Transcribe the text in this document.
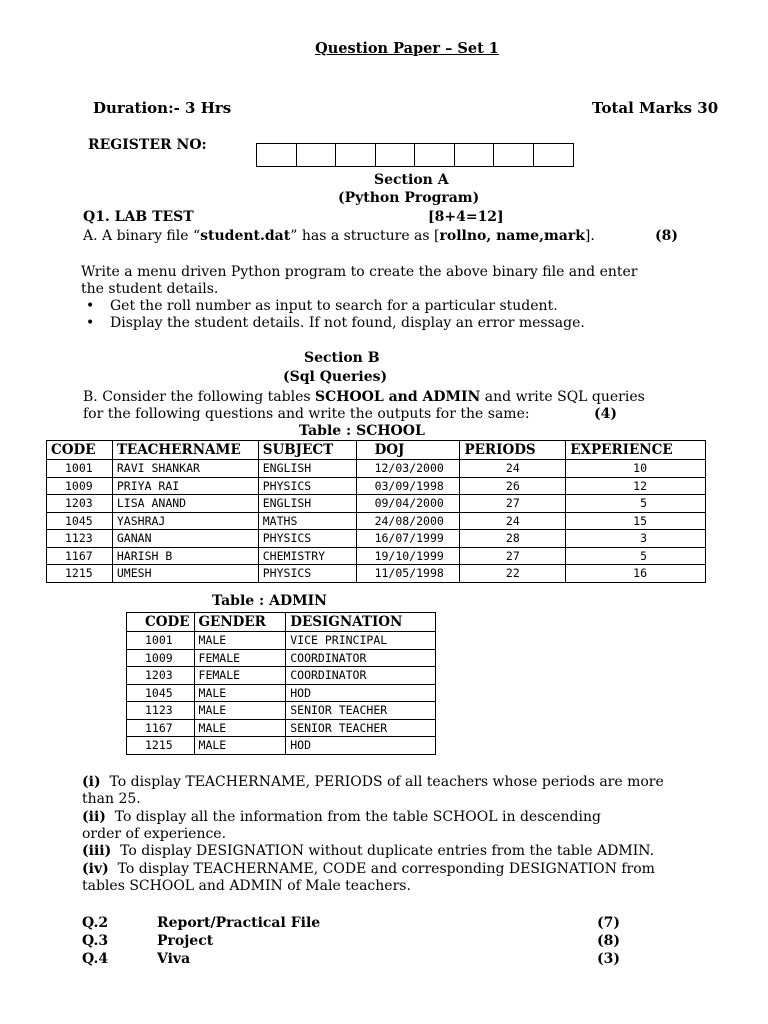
Question Paper – Set 1
Duration:- 3 Hrs	Total Marks 30
REGISTER NO:
Section A
(Python Program)
Q1. LAB TEST	[8+4=12]
A. A binary file “student.dat” has a structure as [rollno, name,mark].	(8)
Write a menu driven Python program to create the above binary file and enter
the student details.
• Get the roll number as input to search for a particular student.
• Display the student details. If not found, display an error message.
Section B
(Sql Queries)
B. Consider the following tables SCHOOL and ADMIN and write SQL queries
for the following questions and write the outputs for the same:	(4)
Table : SCHOOL
CODE	TEACHERNAME	SUBJECT	DOJ	PERIODS	EXPERIENCE
1001	RAVI SHANKAR	ENGLISH	12/03/2000	24	10
1009	PRIYA RAI	PHYSICS	03/09/1998	26	12
1203	LISA ANAND	ENGLISH	09/04/2000	27	5
1045	YASHRAJ	MATHS	24/08/2000	24	15
1123	GANAN	PHYSICS	16/07/1999	28	3
1167	HARISH B	CHEMISTRY	19/10/1999	27	5
1215	UMESH	PHYSICS	11/05/1998	22	16
Table : ADMIN
CODE	GENDER	DESIGNATION
1001	MALE	VICE PRINCIPAL
1009	FEMALE	COORDINATOR
1203	FEMALE	COORDINATOR
1045	MALE	HOD
1123	MALE	SENIOR TEACHER
1167	MALE	SENIOR TEACHER
1215	MALE	HOD
(i)  To display TEACHERNAME, PERIODS of all teachers whose periods are more
than 25.
(ii)  To display all the information from the table SCHOOL in descending
order of experience.
(iii)  To display DESIGNATION without duplicate entries from the table ADMIN.
(iv)  To display TEACHERNAME, CODE and corresponding DESIGNATION from
tables SCHOOL and ADMIN of Male teachers.
Q.2	Report/Practical File	(7)
Q.3	Project	(8)
Q.4	Viva	(3)
